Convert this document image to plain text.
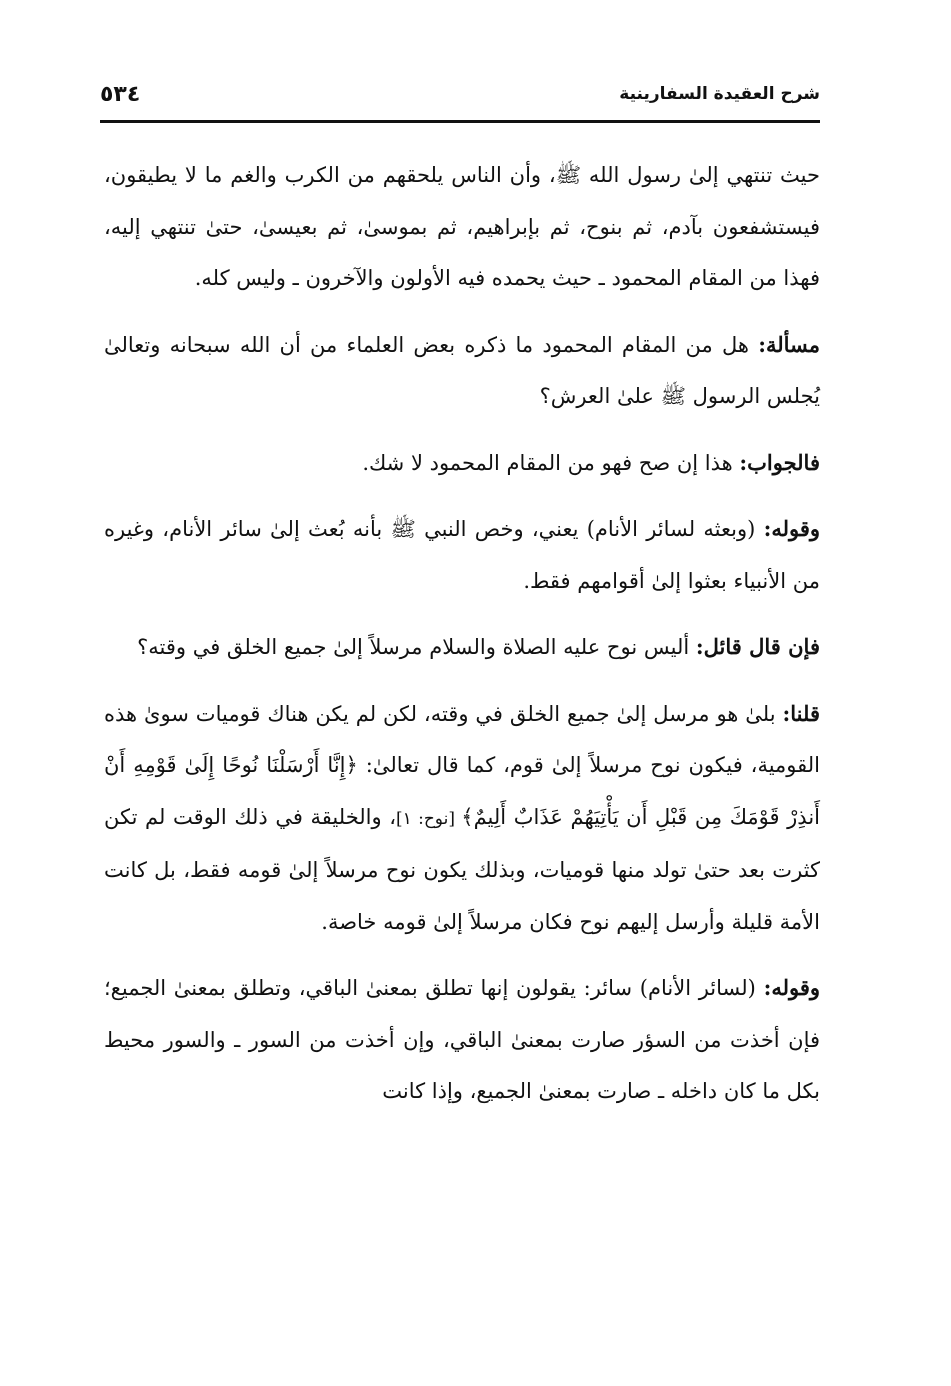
شرح العقيدة السفارينية
٥٣٤

حيث تنتهي إلىٰ رسول الله ﷺ، وأن الناس يلحقهم من الكرب والغم ما لا يطيقون، فيستشفعون بآدم، ثم بنوح، ثم بإبراهيم، ثم بموسىٰ، ثم بعيسىٰ، حتىٰ تنتهي إليه، فهذا من المقام المحمود ـ حيث يحمده فيه الأولون والآخرون ـ وليس كله.

مسألة: هل من المقام المحمود ما ذكره بعض العلماء من أن الله سبحانه وتعالىٰ يُجلس الرسول ﷺ علىٰ العرش؟

فالجواب: هذا إن صح فهو من المقام المحمود لا شك.

وقوله: (وبعثه لسائر الأنام) يعني، وخص النبي ﷺ بأنه بُعث إلىٰ سائر الأنام، وغيره من الأنبياء بعثوا إلىٰ أقوامهم فقط.

فإن قال قائل: أليس نوح عليه الصلاة والسلام مرسلاً إلىٰ جميع الخلق في وقته؟

قلنا: بلىٰ هو مرسل إلىٰ جميع الخلق في وقته، لكن لم يكن هناك قوميات سوىٰ هذه القومية، فيكون نوح مرسلاً إلىٰ قوم، كما قال تعالىٰ: ﴿إِنَّا أَرْسَلْنَا نُوحًا إِلَىٰ قَوْمِهِ أَنْ أَنذِرْ قَوْمَكَ مِن قَبْلِ أَن يَأْتِيَهُمْ عَذَابٌ أَلِيمٌ﴾ [نوح: ١]، والخليقة في ذلك الوقت لم تكن كثرت بعد حتىٰ تولد منها قوميات، وبذلك يكون نوح مرسلاً إلىٰ قومه فقط، بل كانت الأمة قليلة وأرسل إليهم نوح فكان مرسلاً إلىٰ قومه خاصة.

وقوله: (لسائر الأنام) سائر: يقولون إنها تطلق بمعنىٰ الباقي، وتطلق بمعنىٰ الجميع؛ فإن أخذت من السؤر صارت بمعنىٰ الباقي، وإن أخذت من السور ـ والسور محيط بكل ما كان داخله ـ صارت بمعنىٰ الجميع، وإذا كانت
